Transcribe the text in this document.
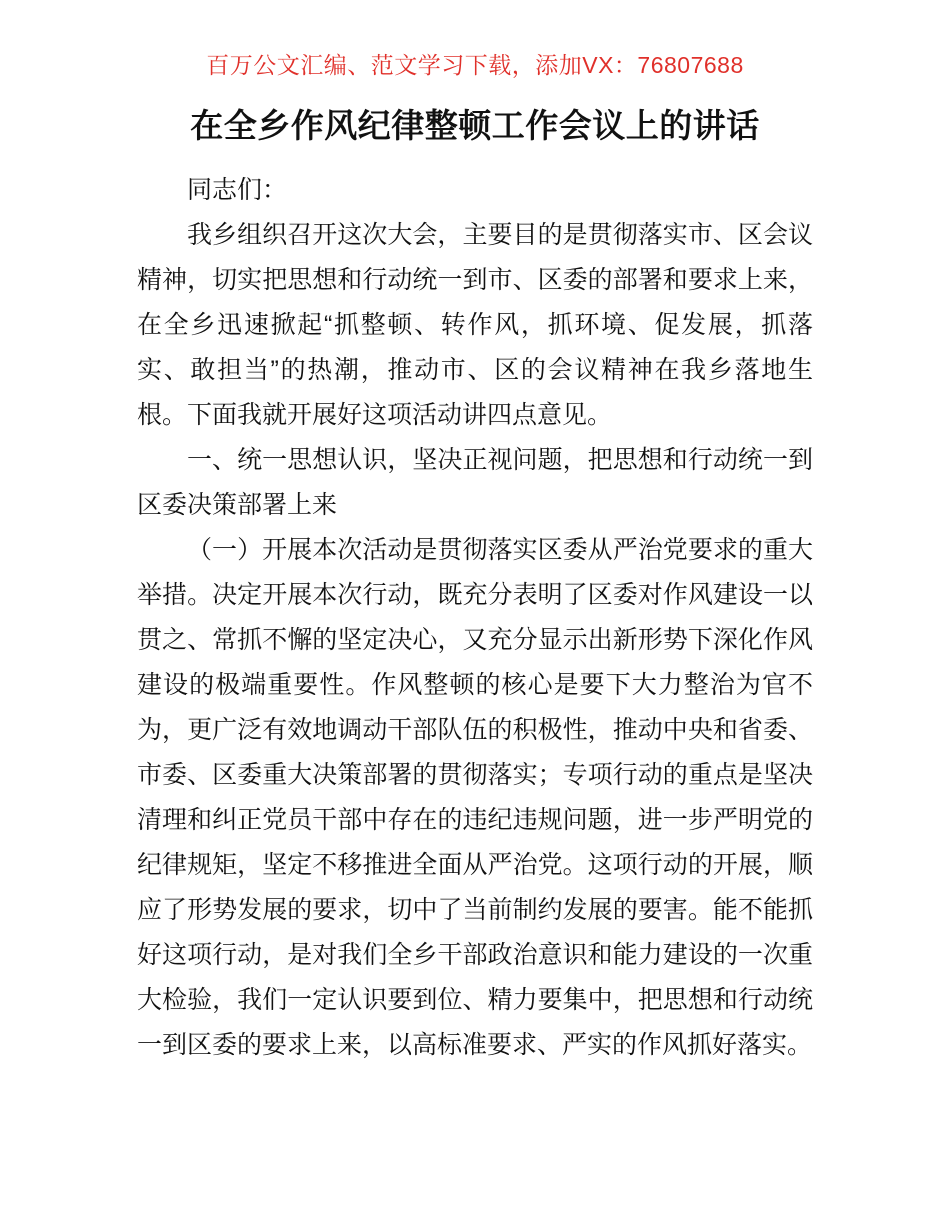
百万公文汇编、范文学习下载，添加VX：76807688

在全乡作风纪律整顿工作会议上的讲话

同志们：

我乡组织召开这次大会，主要目的是贯彻落实市、区会议精神，切实把思想和行动统一到市、区委的部署和要求上来，在全乡迅速掀起“抓整顿、转作风，抓环境、促发展，抓落实、敢担当”的热潮，推动市、区的会议精神在我乡落地生根。下面我就开展好这项活动讲四点意见。

一、统一思想认识，坚决正视问题，把思想和行动统一到区委决策部署上来

（一）开展本次活动是贯彻落实区委从严治党要求的重大举措。决定开展本次行动，既充分表明了区委对作风建设一以贯之、常抓不懈的坚定决心，又充分显示出新形势下深化作风建设的极端重要性。作风整顿的核心是要下大力整治为官不为，更广泛有效地调动干部队伍的积极性，推动中央和省委、市委、区委重大决策部署的贯彻落实；专项行动的重点是坚决清理和纠正党员干部中存在的违纪违规问题，进一步严明党的纪律规矩，坚定不移推进全面从严治党。这项行动的开展，顺应了形势发展的要求，切中了当前制约发展的要害。能不能抓好这项行动，是对我们全乡干部政治意识和能力建设的一次重大检验，我们一定认识要到位、精力要集中，把思想和行动统一到区委的要求上来，以高标准要求、严实的作风抓好落实。
